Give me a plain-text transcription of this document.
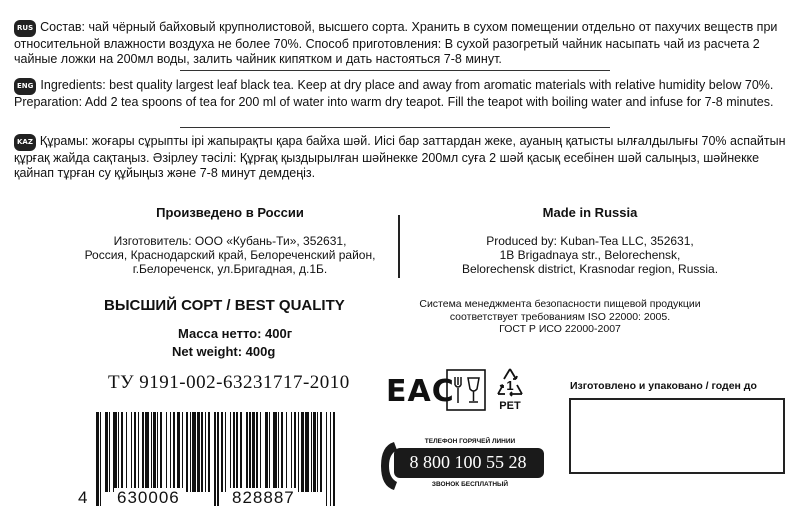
RUS Состав: чай чёрный байховый крупнолистовой, высшего сорта. Хранить в сухом помещении отдельно от пахучих веществ при относительной влажности воздуха не более 70%. Способ приготовления: В сухой разогретый чайник насыпать чай из расчета 2 чайные ложки на 200мл воды, залить чайник кипятком и дать настояться 7-8 минут.

ENG Ingredients: best quality largest leaf black tea. Keep at dry place and away from aromatic materials with relative humidity below 70%. Preparation: Add 2 tea spoons of tea for 200 ml of water into warm dry teapot. Fill the teapot with boiling water and infuse for 7-8 minutes.

KAZ Құрамы: жоғары сұрыпты ірі жапырақты қара байха шәй. Иісі бар заттардан жеке, ауаның қатысты ылғалдылығы 70% аспайтын құрғақ жайда сақтаңыз. Әзірлеу тәсілі: Құрғақ қыздырылған шәйнекке 200мл суға 2 шәй қасық есебінен шәй салыңыз, шәйнекке қайнап тұрған су құйыңыз және 7-8 минут демдеңіз.

Произведено в России
Изготовитель: ООО «Кубань-Ти», 352631,
Россия, Краснодарский край, Белореченский район,
г.Белореченск, ул.Бригадная, д.1Б.
Made in Russia
Produced by: Kuban-Tea LLC, 352631,
1B Brigadnaya str., Belorechensk,
Belorechensk district, Krasnodar region, Russia.
ВЫСШИЙ СОРТ / BEST QUALITY
Масса нетто: 400г
Net weight: 400g
ТУ 9191-002-63231717-2010
Система менеджмента безопасности пищевой продукции
соответствует требованиям ISO 22000: 2005.
ГОСТ Р ИСО 22000-2007
EAC	1
PET
4 630006	828887
ТЕЛЕФОН ГОРЯЧЕЙ ЛИНИИ
8 800 100 55 28
ЗВОНОК БЕСПЛАТНЫЙ
Изготовлено и упаковано / годен до
